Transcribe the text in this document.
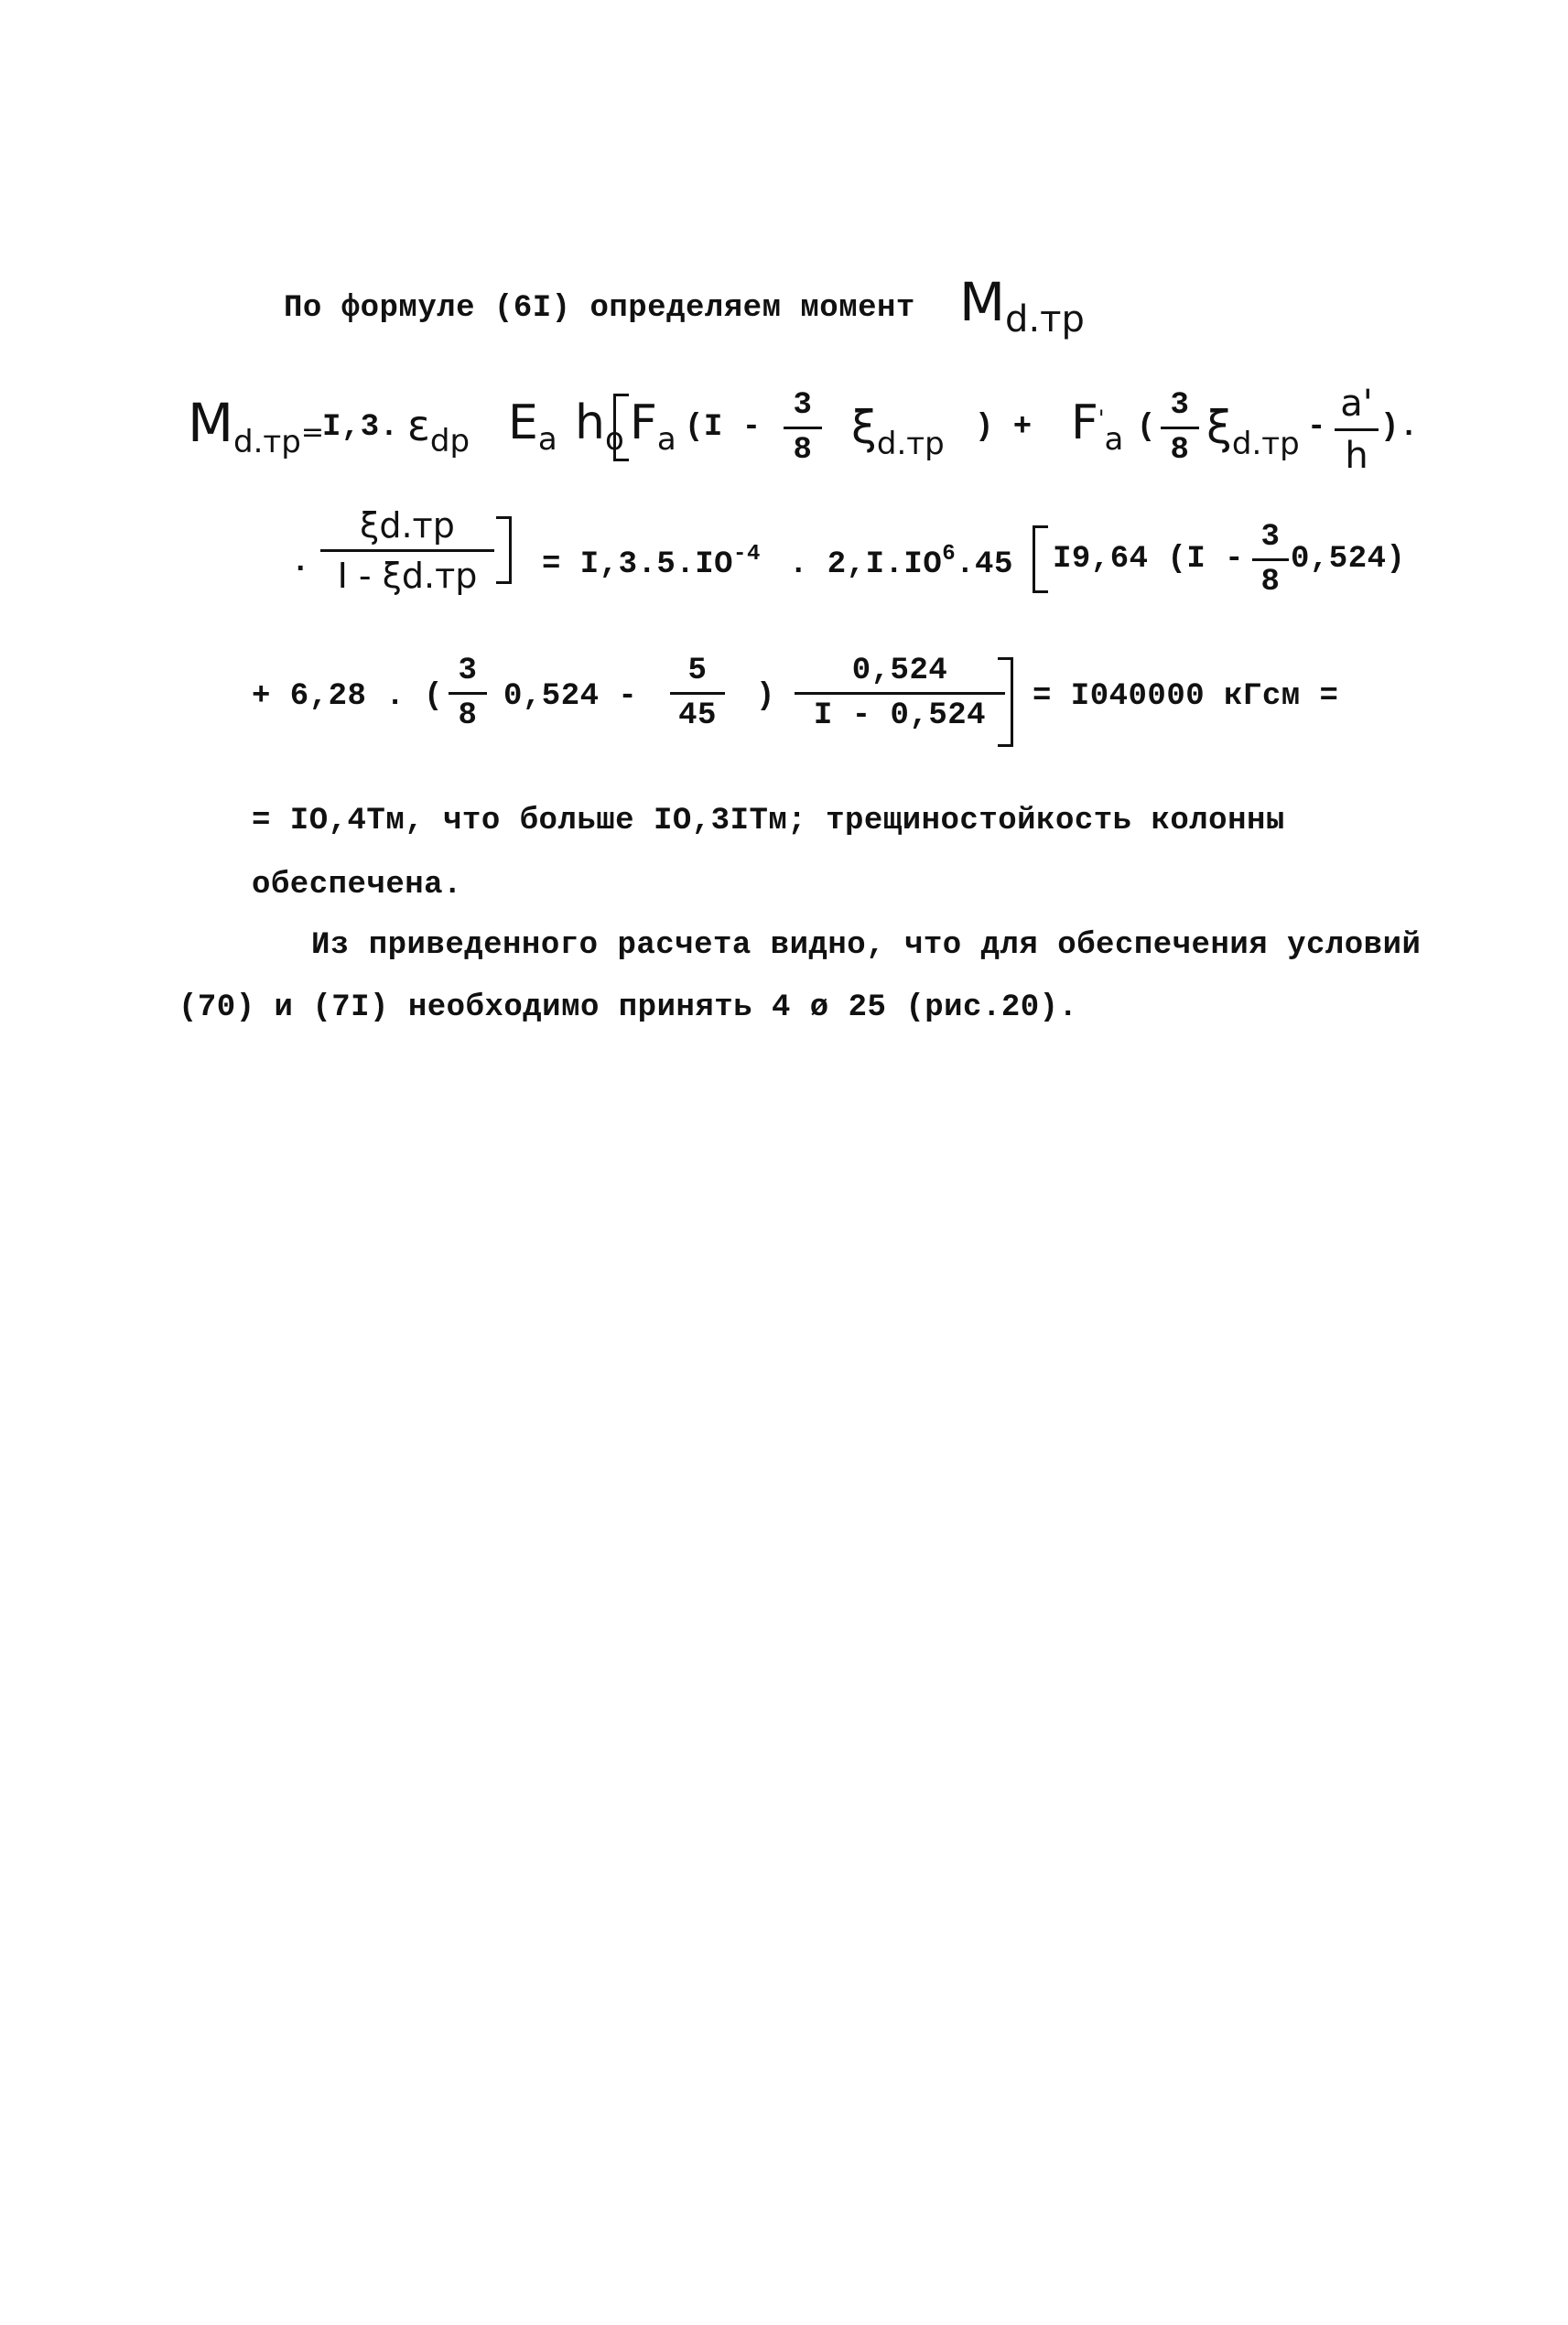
По формуле (6I) определяем момент Md.тр
Md.тр=
I,3. $\varepsilon_{dp}$ Ea ho Fa (I -
3
8 $\xi_{d.тр}$ ) + F'a (
3
8 $\xi_{d.тр}$ -
a'
h
).
.
ξd.тр
I - ξd.тр	= $I,3.5.IO^{-4}$ . $2,I.IO^6.45$ I9,64 (I -
3
8
0,524)
+ 6,28 . (
3
8
0,524 -
5
45
)
0,524
I - 0,524
= I040000 кГсм =
= IO,4Тм, что больше IO,3IТм; трещиностойкость колонны
обеспечена.
Из приведенного расчета видно, что для обеспечения условий
(70) и (7I) необходимо принять 4 ø 25 (рис.20).
